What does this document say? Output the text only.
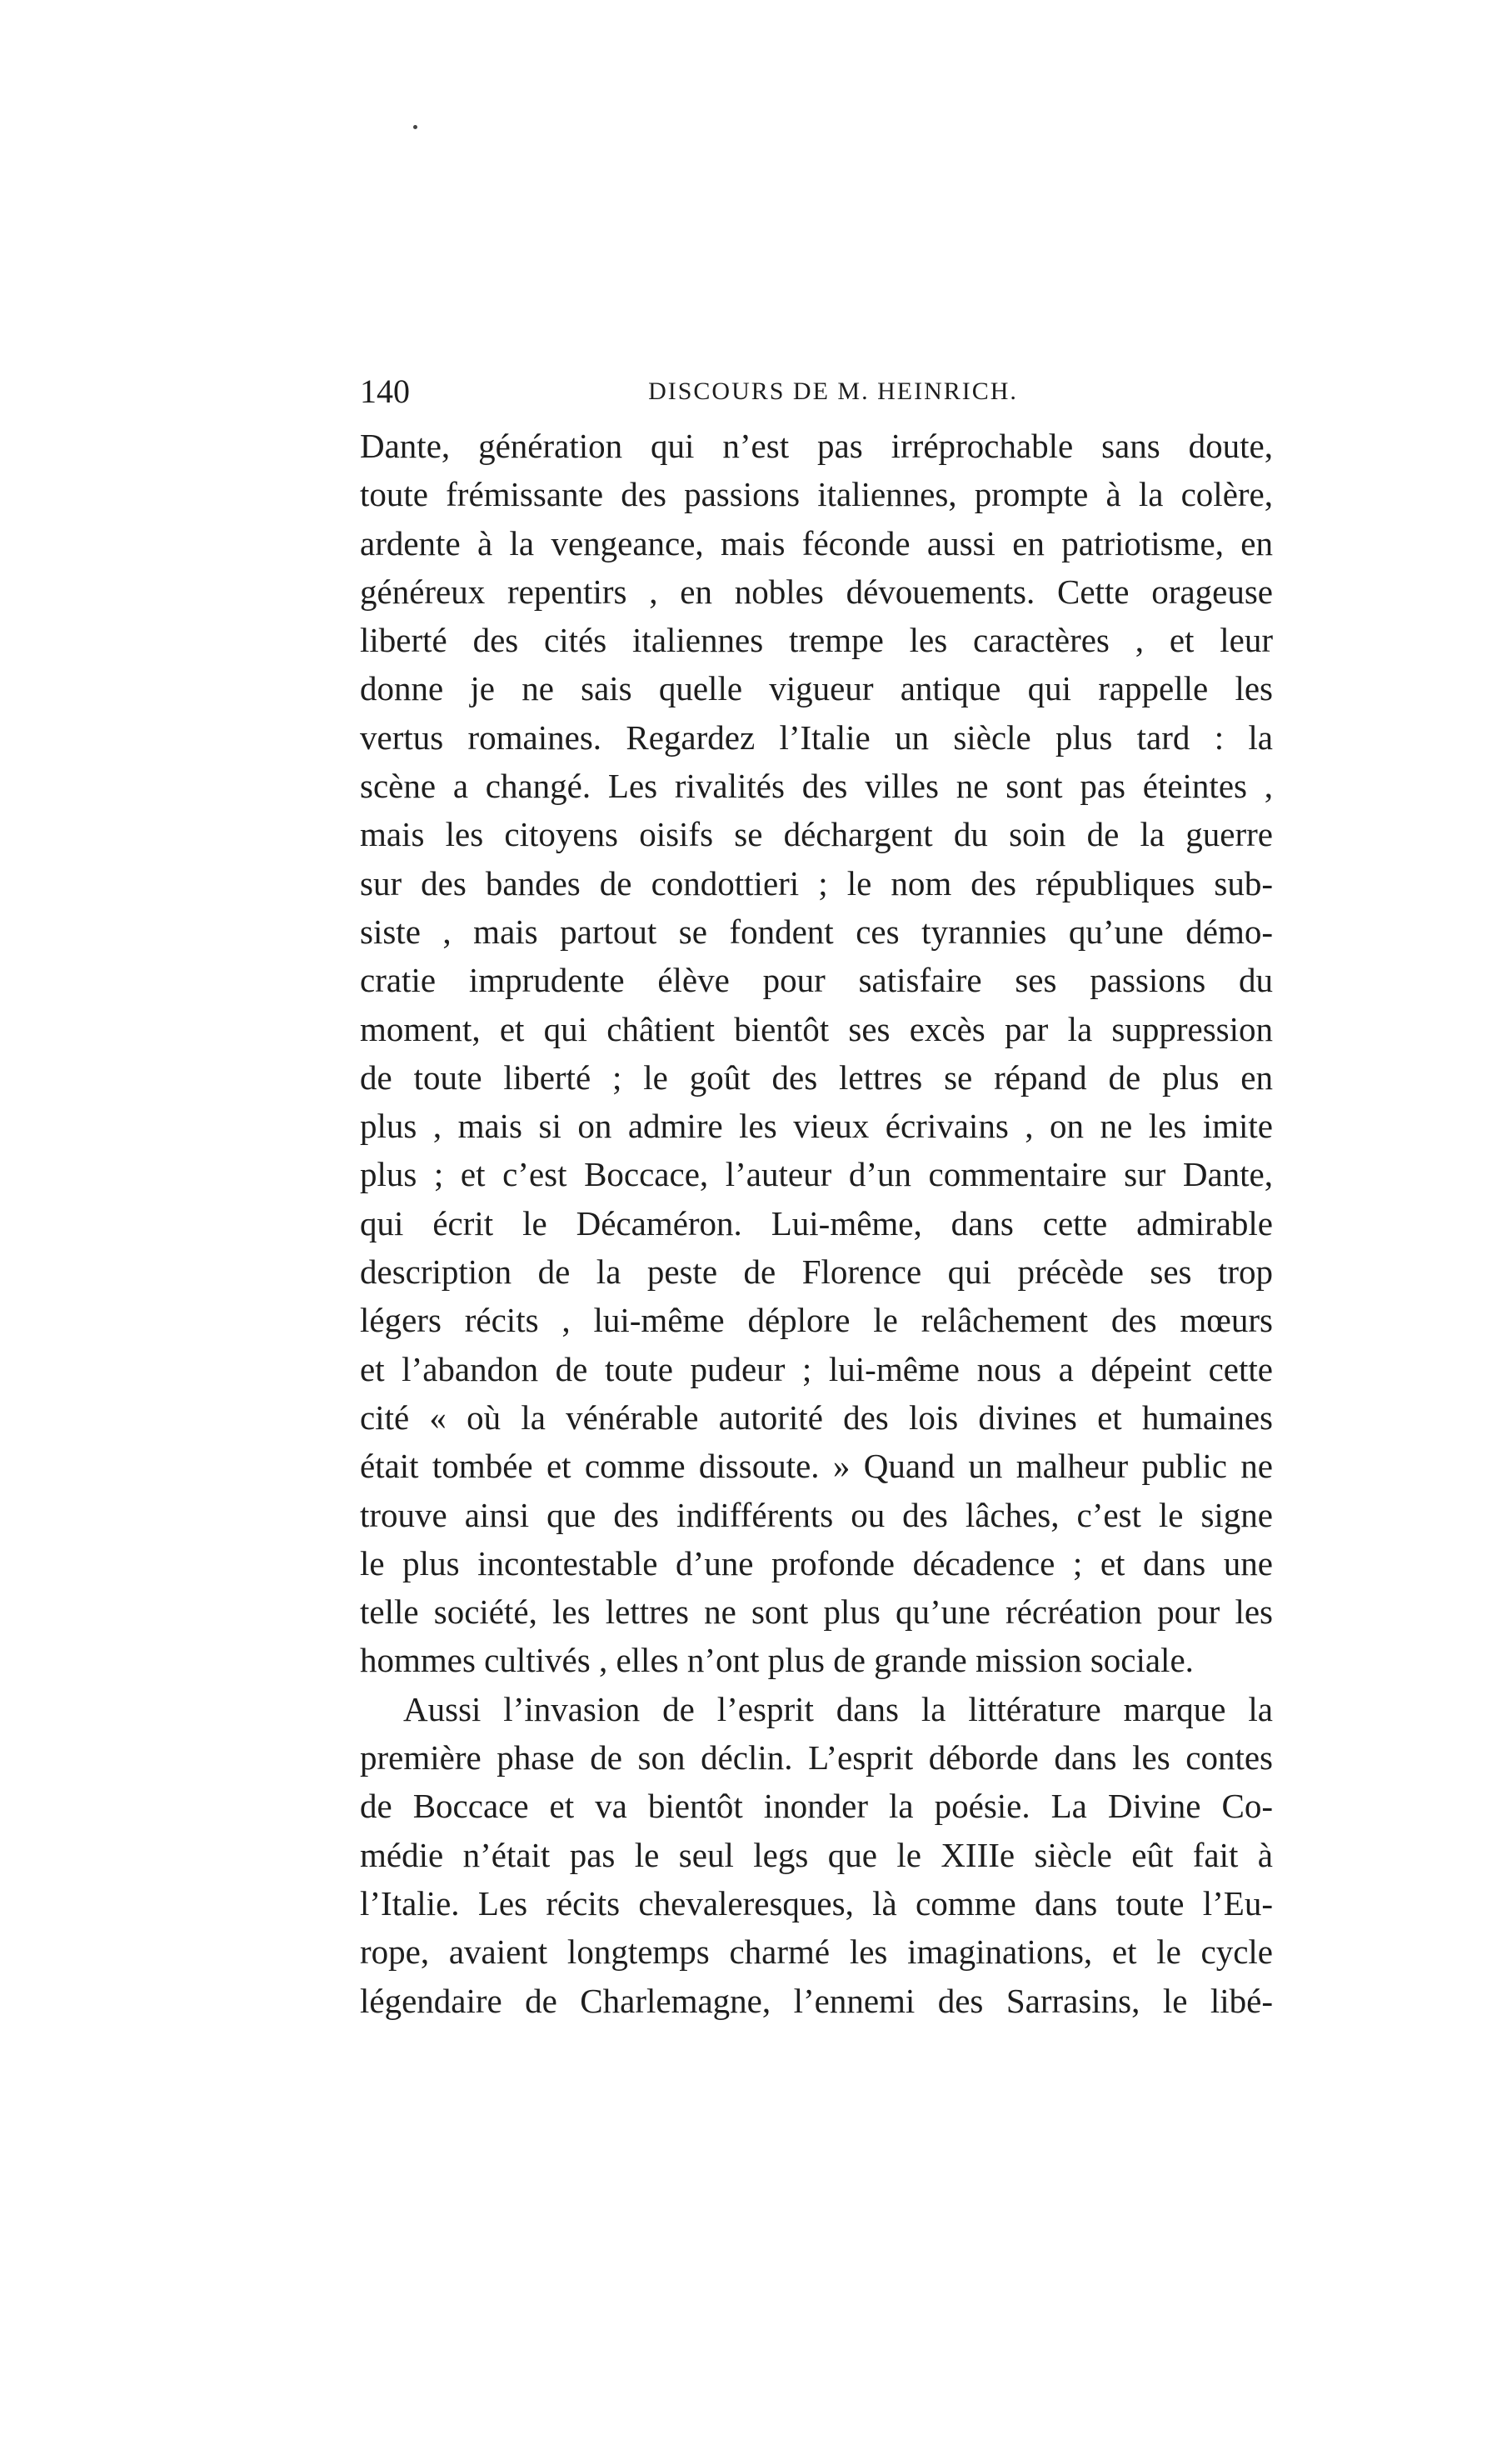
140	DISCOURS DE M. HEINRICH.
Dante, génération qui n’est pas irréprochable sans doute,
toute frémissante des passions italiennes, prompte à la colère,
ardente à la vengeance, mais féconde aussi en patriotisme, en
généreux repentirs , en nobles dévouements. Cette orageuse
liberté des cités italiennes trempe les caractères , et leur
donne je ne sais quelle vigueur antique qui rappelle les
vertus romaines. Regardez l’Italie un siècle plus tard : la
scène a changé. Les rivalités des villes ne sont pas éteintes ,
mais les citoyens oisifs se déchargent du soin de la guerre
sur des bandes de condottieri ; le nom des républiques sub-
siste , mais partout se fondent ces tyrannies qu’une démo-
cratie imprudente élève pour satisfaire ses passions du
moment, et qui châtient bientôt ses excès par la suppression
de toute liberté ; le goût des lettres se répand de plus en
plus , mais si on admire les vieux écrivains , on ne les imite
plus ; et c’est Boccace, l’auteur d’un commentaire sur Dante,
qui écrit le Décaméron. Lui-même, dans cette admirable
description de la peste de Florence qui précède ses trop
légers récits , lui-même déplore le relâchement des mœurs
et l’abandon de toute pudeur ; lui-même nous a dépeint cette
cité « où la vénérable autorité des lois divines et humaines
était tombée et comme dissoute. » Quand un malheur public ne
trouve ainsi que des indifférents ou des lâches, c’est le signe
le plus incontestable d’une profonde décadence ; et dans une
telle société, les lettres ne sont plus qu’une récréation pour les
hommes cultivés , elles n’ont plus de grande mission sociale.
Aussi l’invasion de l’esprit dans la littérature marque la
première phase de son déclin. L’esprit déborde dans les contes
de Boccace et va bientôt inonder la poésie. La Divine Co-
médie n’était pas le seul legs que le XIIIe siècle eût fait à
l’Italie. Les récits chevaleresques, là comme dans toute l’Eu-
rope, avaient longtemps charmé les imaginations, et le cycle
légendaire de Charlemagne, l’ennemi des Sarrasins, le libé-
